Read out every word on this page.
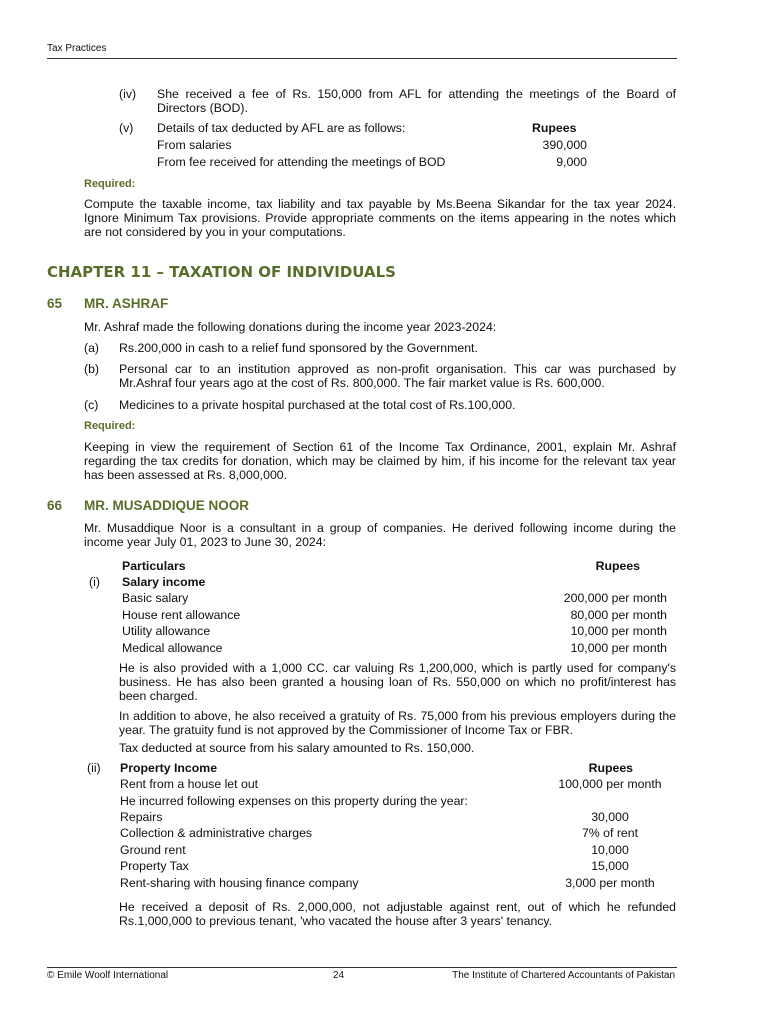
Tax Practices
(iv) She received a fee of Rs. 150,000 from AFL for attending the meetings of the Board of Directors (BOD).
(v) Details of tax deducted by AFL are as follows:	Rupees
From salaries	390,000
From fee received for attending the meetings of BOD	9,000
Required:
Compute the taxable income, tax liability and tax payable by Ms.Beena Sikandar for the tax year 2024. Ignore Minimum Tax provisions. Provide appropriate comments on the items appearing in the notes which are not considered by you in your computations.
CHAPTER 11 – TAXATION OF INDIVIDUALS
65 MR. ASHRAF
Mr. Ashraf made the following donations during the income year 2023-2024:
(a) Rs.200,000 in cash to a relief fund sponsored by the Government.
(b) Personal car to an institution approved as non-profit organisation. This car was purchased by Mr.Ashraf four years ago at the cost of Rs. 800,000. The fair market value is Rs. 600,000.
(c) Medicines to a private hospital purchased at the total cost of Rs.100,000.
Required:
Keeping in view the requirement of Section 61 of the Income Tax Ordinance, 2001, explain Mr. Ashraf regarding the tax credits for donation, which may be claimed by him, if his income for the relevant tax year has been assessed at Rs. 8,000,000.
66 MR. MUSADDIQUE NOOR
Mr. Musaddique Noor is a consultant in a group of companies. He derived following income during the income year July 01, 2023 to June 30, 2024:
Particulars	Rupees
(i) Salary income
Basic salary	200,000 per month
House rent allowance	80,000 per month
Utility allowance	10,000 per month
Medical allowance	10,000 per month
He is also provided with a 1,000 CC. car valuing Rs 1,200,000, which is partly used for company's business. He has also been granted a housing loan of Rs. 550,000 on which no profit/interest has been charged.
In addition to above, he also received a gratuity of Rs. 75,000 from his previous employers during the year. The gratuity fund is not approved by the Commissioner of Income Tax or FBR.
Tax deducted at source from his salary amounted to Rs. 150,000.
(ii) Property Income	Rupees
Rent from a house let out	100,000 per month
He incurred following expenses on this property during the year:
Repairs	30,000
Collection & administrative charges	7% of rent
Ground rent	10,000
Property Tax	15,000
Rent-sharing with housing finance company	3,000 per month
He received a deposit of Rs. 2,000,000, not adjustable against rent, out of which he refunded Rs.1,000,000 to previous tenant, 'who vacated the house after 3 years' tenancy.
© Emile Woolf International	24	The Institute of Chartered Accountants of Pakistan
